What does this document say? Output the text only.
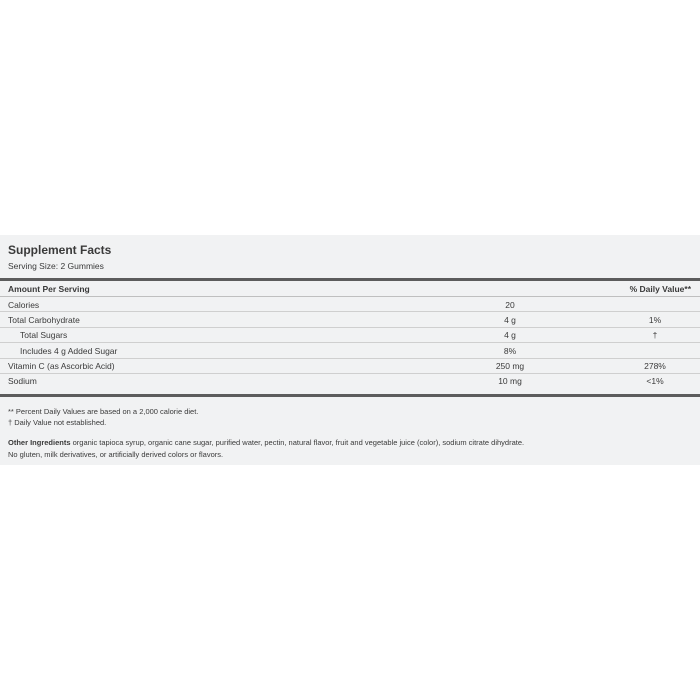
Supplement Facts
Serving Size: 2 Gummies
Amount Per Serving	% Daily Value**
Calories	20
Total Carbohydrate	4 g	1%
Total Sugars	4 g	†
Includes 4 g Added Sugar	8%
Vitamin C (as Ascorbic Acid)	250 mg	278%
Sodium	10 mg	<1%
** Percent Daily Values are based on a 2,000 calorie diet.
† Daily Value not established.
Other Ingredients organic tapioca syrup, organic cane sugar, purified water, pectin, natural flavor, fruit and vegetable juice (color), sodium citrate dihydrate.
No gluten, milk derivatives, or artificially derived colors or flavors.
